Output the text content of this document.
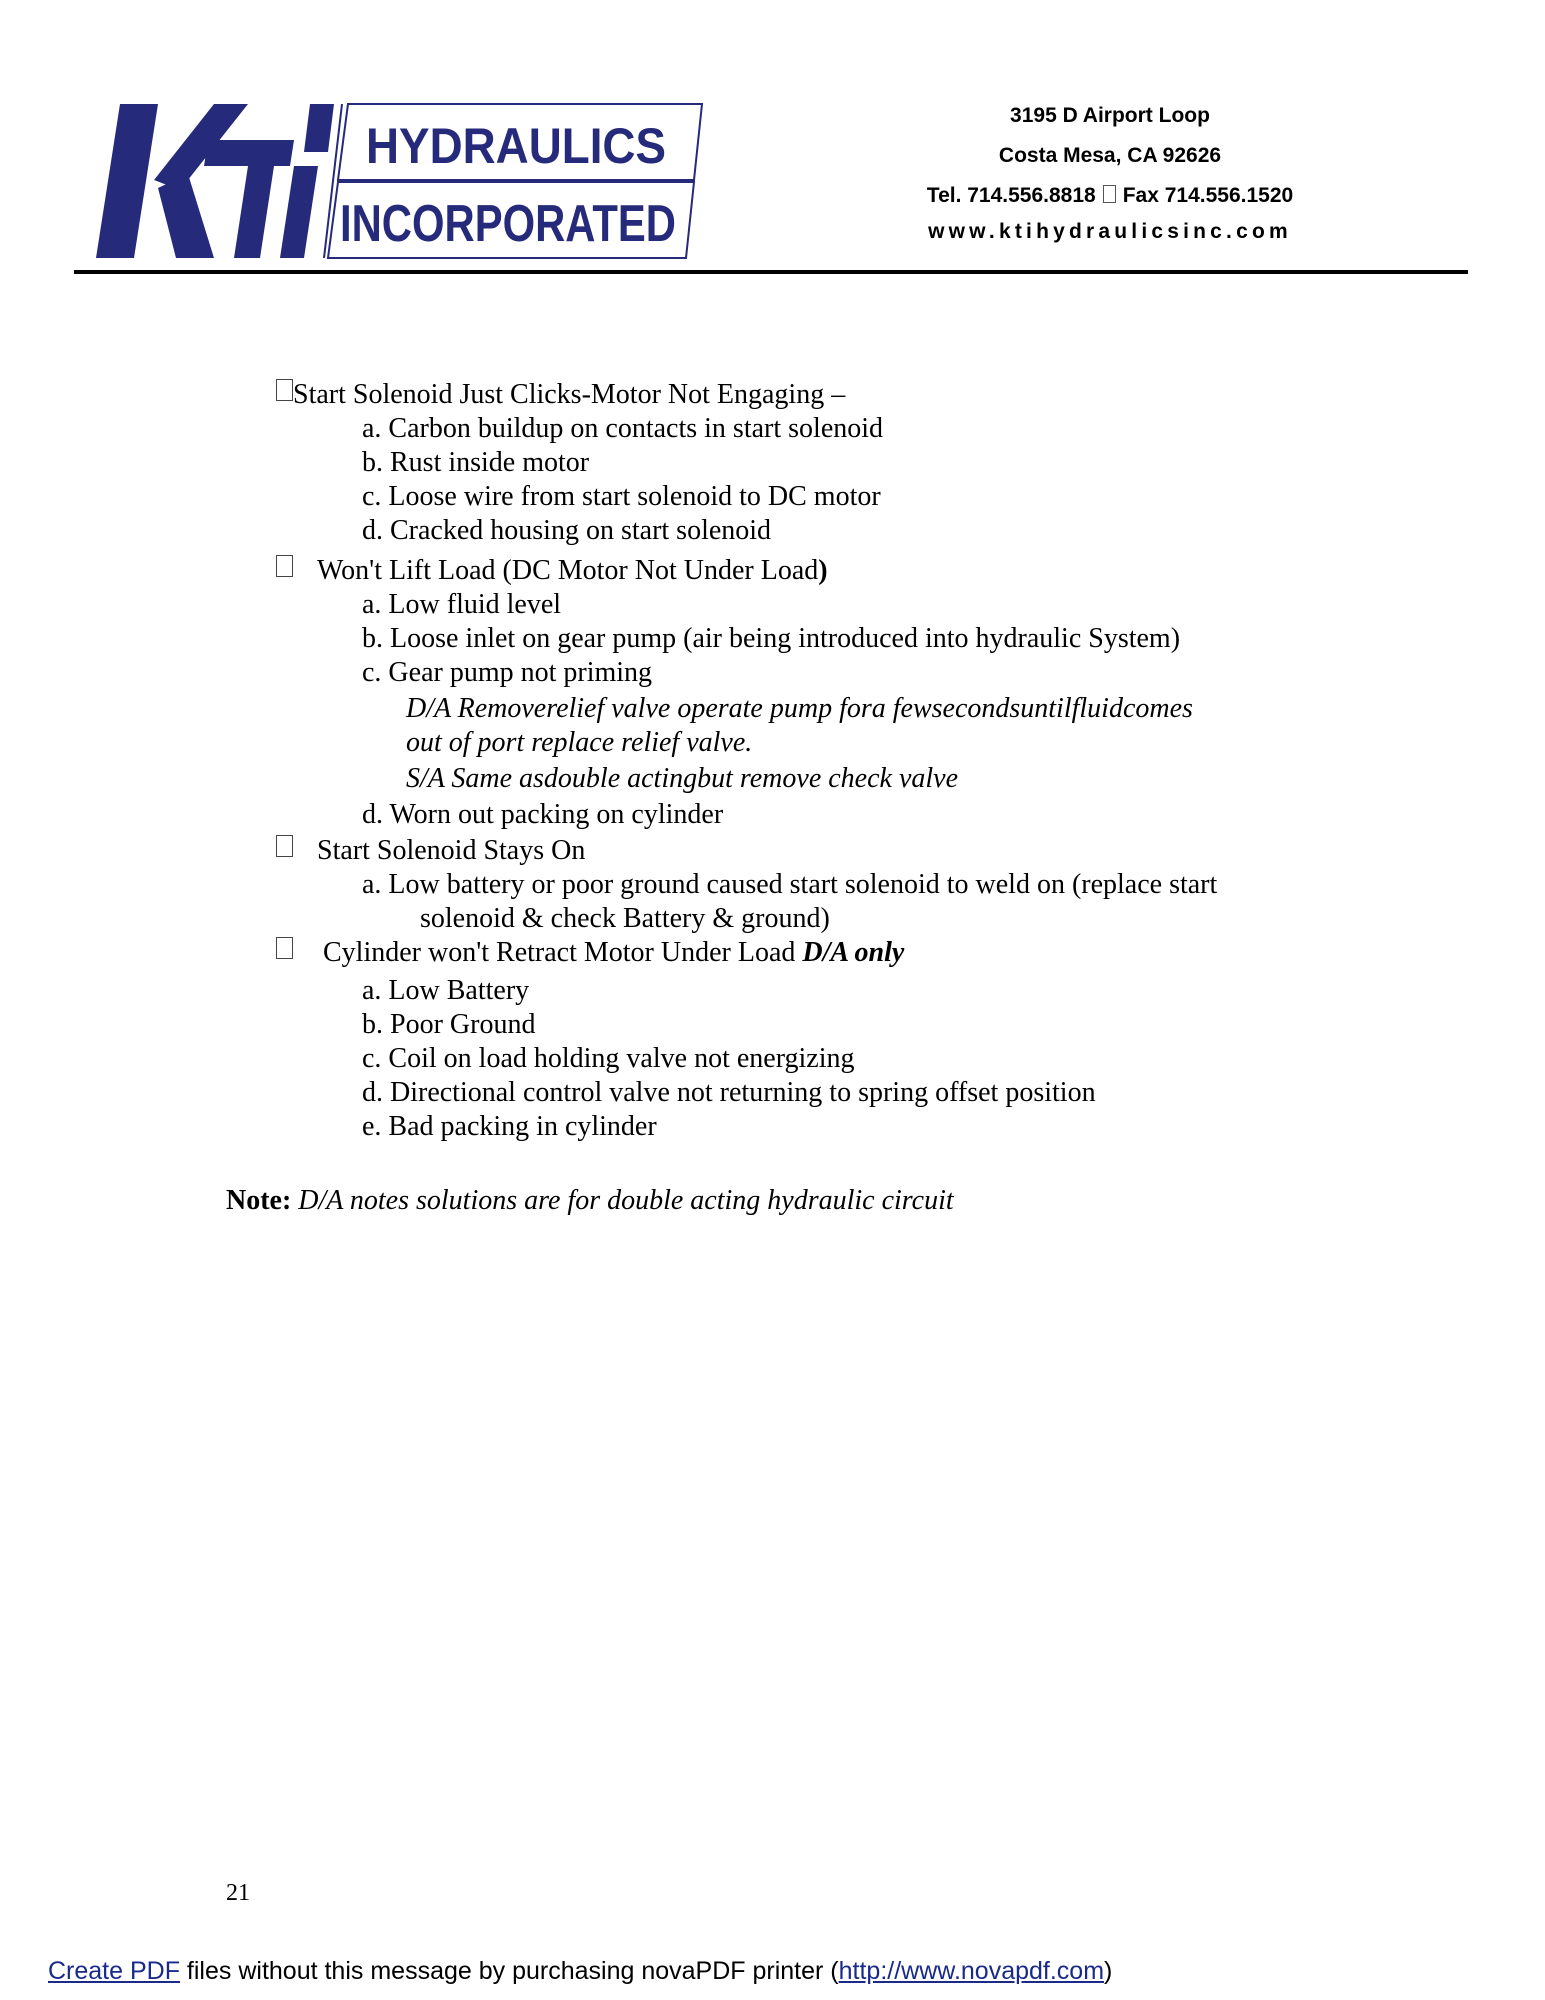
HYDRAULICS
INCORPORATED
3195 D Airport Loop
Costa Mesa, CA 92626
Tel. 714.556.8818 Fax 714.556.1520
www.ktihydraulicsinc.com
Start Solenoid Just Clicks-Motor Not Engaging –
a. Carbon buildup on contacts in start solenoid
b. Rust inside motor
c. Loose wire from start solenoid to DC motor
d. Cracked housing on start solenoid
Won't Lift Load (DC Motor Not Under Load)
a. Low fluid level
b. Loose inlet on gear pump (air being introduced into hydraulic System)
c. Gear pump not priming
D/A Removerelief valve operate pump fora fewsecondsuntilfluidcomes
out of port replace relief valve.
S/A Same asdouble actingbut remove check valve
d. Worn out packing on cylinder
Start Solenoid Stays On
a. Low battery or poor ground caused start solenoid to weld on (replace start
solenoid & check Battery & ground)
Cylinder won't Retract Motor Under Load D/A only
a. Low Battery
b. Poor Ground
c. Coil on load holding valve not energizing
d. Directional control valve not returning to spring offset position
e. Bad packing in cylinder
Note: D/A notes solutions are for double acting hydraulic circuit
21
Create PDF files without this message by purchasing novaPDF printer (http://www.novapdf.com)
